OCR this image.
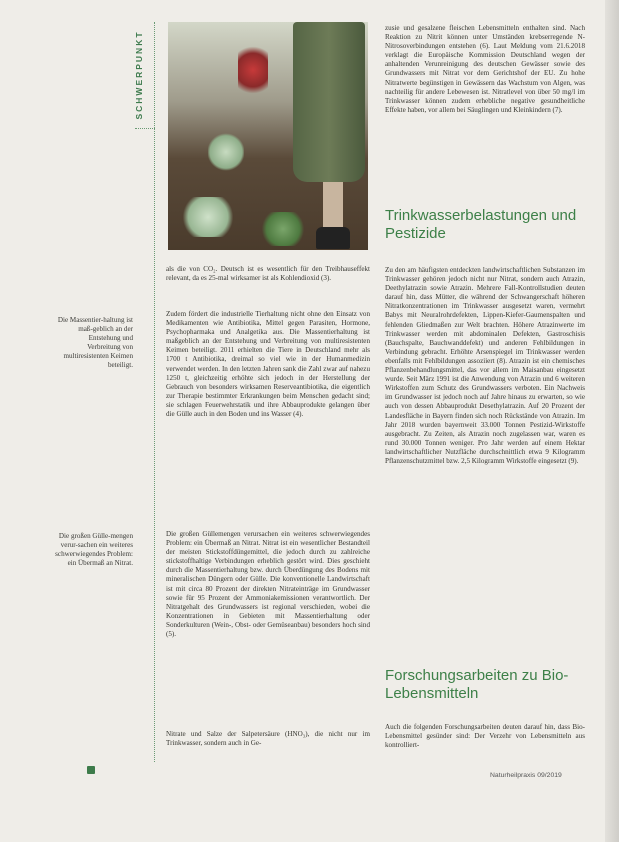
SCHWERPUNKT
Die Massentier-haltung ist maß-geblich an der Entstehung und Verbreitung von multiresistenten Keimen beteiligt.
Die großen Gülle-mengen verur-sachen ein weiteres schwerwiegendes Problem: ein Übermaß an Nitrat.
als die von CO₂. Deutsch ist es wesentlich für den Treibhauseffekt relevant, da es 25-mal wirksamer ist als Kohlendioxid (3).
Zudem fördert die industrielle Tierhaltung nicht ohne den Einsatz von Medikamenten wie Antibiotika, Mittel gegen Parasiten, Hormone, Psychopharmaka und Analgetika aus. Die Massentierhaltung ist maßgeblich an der Entstehung und Verbreitung von multiresistenten Keimen beteiligt. 2011 erhielten die Tiere in Deutschland mehr als 1700 t Antibiotika, dreimal so viel wie in der Humanmedizin verwendet werden. In den letzten Jahren sank die Zahl zwar auf nahezu 1250 t, gleichzeitig erhöhte sich jedoch in der Herstellung der Gebrauch von besonders wirksamen Reserveantibiotika, die eigentlich zur Therapie bestimmter Erkrankungen beim Menschen gedacht sind; sie schlagen Feuerwehrstatik und ihre Abbauprodukte gelangen über die Gülle auch in den Boden und ins Wasser (4).
Die großen Güllemengen verursachen ein weiteres schwerwiegendes Problem: ein Übermaß an Nitrat. Nitrat ist ein wesentlicher Bestandteil der meisten Stickstoffdüngemittel, die jedoch durch zu zahlreiche stickstoffhaltige Verbindungen erheblich gestört wird. Dies geschieht durch die Massentierhaltung bzw. durch Überdüngung des Bodens mit mineralischen Düngern oder Gülle. Die konventionelle Landwirtschaft ist mit circa 80 Prozent der direkten Nitrateinträge im Grundwasser sowie für 95 Prozent der Ammoniakemissionen verantwortlich. Der Nitratgehalt des Grundwassers ist regional verschieden, wobei die Konzentrationen in Gebieten mit Massentierhaltung oder Sonderkulturen (Wein-, Obst- oder Gemüseanbau) besonders hoch sind (5).
Nitrate und Salze der Salpetersäure (HNO₃), die nicht nur im Trinkwasser, sondern auch in Ge-
zusie und gesalzene fleischen Lebensmitteln enthalten sind. Nach Reaktion zu Nitrit können unter Umständen krebserregende N-Nitrosoverbindungen entstehen (6). Laut Meldung vom 21.6.2018 verklagt die Europäische Kommission Deutschland wegen der anhaltenden Verunreinigung des deutschen Gewässer sowie des Grundwassers mit Nitrat vor dem Gerichtshof der EU. Zu hohe Nitratwerte begünstigen in Gewässern das Wachstum von Algen, was nachteilig für andere Lebewesen ist. Nitratlevel von über 50 mg/l im Trinkwasser können zudem erhebliche negative gesundheitliche Effekte haben, vor allem bei Säuglingen und Kleinkindern (7).
Trinkwasserbelastungen und Pestizide
Zu den am häufigsten entdeckten landwirtschaftlichen Substanzen im Trinkwasser gehören jedoch nicht nur Nitrat, sondern auch Atrazin, Deethylatrazin sowie Atrazin. Mehrere Fall-Kontrollstudien deuten darauf hin, dass Mütter, die während der Schwangerschaft höheren Nitratkonzentrationen im Trinkwasser ausgesetzt waren, vermehrt Babys mit Neuralrohrdefekten, Lippen-Kiefer-Gaumenspalten und fehlenden Gliedmaßen zur Welt brachten. Höhere Atrazinwerte im Trinkwasser werden mit abdominalen Defekten, Gastroschisis (Bauchspalte, Bauchwanddefekt) und anderen Fehlbildungen in Verbindung gebracht. Erhöhte Arsenspiegel im Trinkwasser werden ebenfalls mit Fehlbildungen assoziiert (8). Atrazin ist ein chemisches Pflanzenbehandlungsmittel, das vor allem im Maisanbau eingesetzt wurde. Seit März 1991 ist die Anwendung von Atrazin und 6 weiteren Wirkstoffen zum Schutz des Grundwassers verboten. Ein Nachweis im Grundwasser ist jedoch noch auf Jahre hinaus zu erwarten, so wie auch von dessen Abbauprodukt Desethylatrazin. Auf 20 Prozent der Landesfläche in Bayern finden sich noch Rückstände von Atrazin. Im Jahr 2018 wurden bayernweit 33.000 Tonnen Pestizid-Wirkstoffe ausgebracht. Zu Zeiten, als Atrazin noch zugelassen war, waren es rund 30.000 Tonnen weniger. Pro Jahr werden auf einem Hektar landwirtschaftlicher Nutzfläche durchschnittlich etwa 9 Kilogramm Pflanzenschutzmittel bzw. 2,5 Kilogramm Wirkstoffe eingesetzt (9).
Forschungsarbeiten zu Bio-Lebensmitteln
Auch die folgenden Forschungsarbeiten deuten darauf hin, dass Bio-Lebensmittel gesünder sind: Der Verzehr von Lebensmitteln aus kontrolliert-
Naturheilpraxis 09/2019
